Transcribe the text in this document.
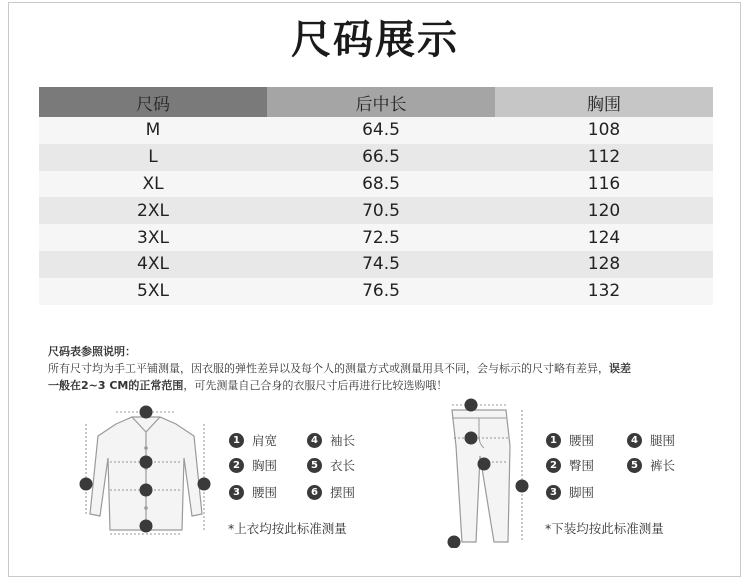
尺码展示
尺码	后中长	胸围
M	64.5	108
L	66.5	112
XL	68.5	116
2XL	70.5	120
3XL	72.5	124
4XL	74.5	128
5XL	76.5	132
尺码表参照说明：
所有尺寸均为手工平铺测量，因衣服的弹性差异以及每个人的测量方式或测量用具不同，会与标示的尺寸略有差异，误差
一般在2~3 CM的正常范围，可先测量自己合身的衣服尺寸后再进行比较选购哦！
1 肩宽	4 袖长
2 胸围	5 衣长
3 腰围	6 摆围
*上衣均按此标准测量
1 腰围	4 腿围
2 臀围	5 裤长
3 脚围
*下装均按此标准测量
